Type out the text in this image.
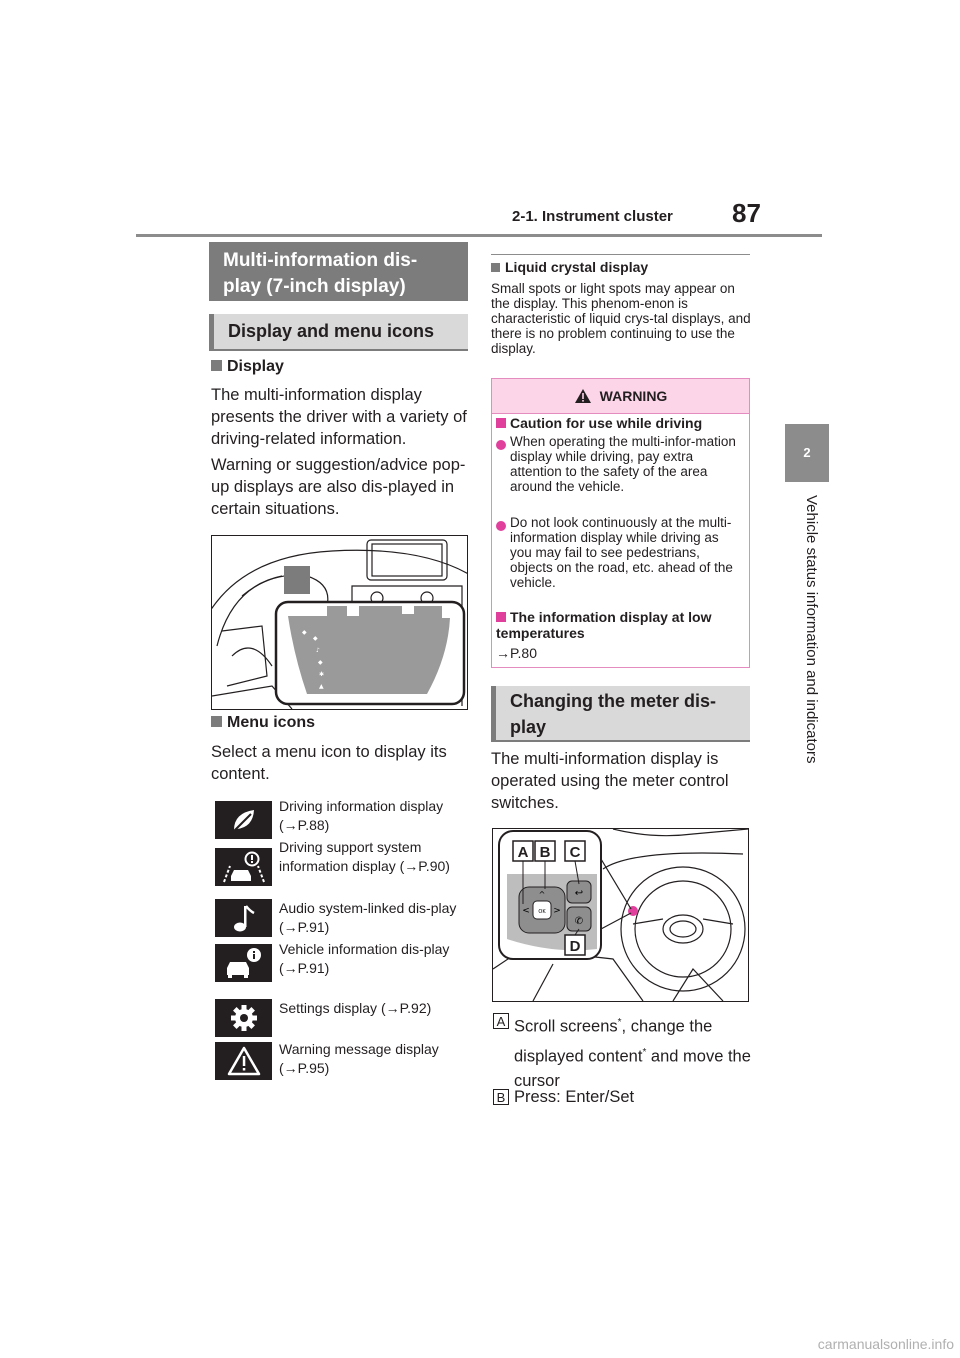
2-1. Instrument cluster 87
2
Vehicle status information and indicators
Multi-information dis-
play (7-inch display)
Display and menu icons
Display
The multi-information display presents the driver with a variety of driving-related information.
Warning or suggestion/advice pop-up displays are also dis-played in certain situations.
◆
◆
♪
◆
✱
▲
Menu icons
Select a menu icon to display its content.
Driving information display (→P.88)
Driving support system information display (→P.90)
Audio system-linked dis-play (→P.91)
Vehicle information dis-play (→P.91)
Settings display (→P.92)
Warning message display (→P.95)
Liquid crystal display
Small spots or light spots may appear on the display. This phenom-enon is characteristic of liquid crys-tal displays, and there is no problem continuing to use the display.
WARNING
Caution for use while driving
When operating the multi-infor-mation display while driving, pay extra attention to the safety of the area around the vehicle.
Do not look continuously at the multi-information display while driving as you may fail to see pedestrians, objects on the road, etc. ahead of the vehicle.
The information display at low temperatures
→P.80
Changing the meter dis-
play
The multi-information display is operated using the meter control switches.
OK
^
<	>
↩
✆
A B C
D
A Scroll screens*, change the displayed content* and move the cursor
B Press: Enter/Set
carmanualsonline.info
